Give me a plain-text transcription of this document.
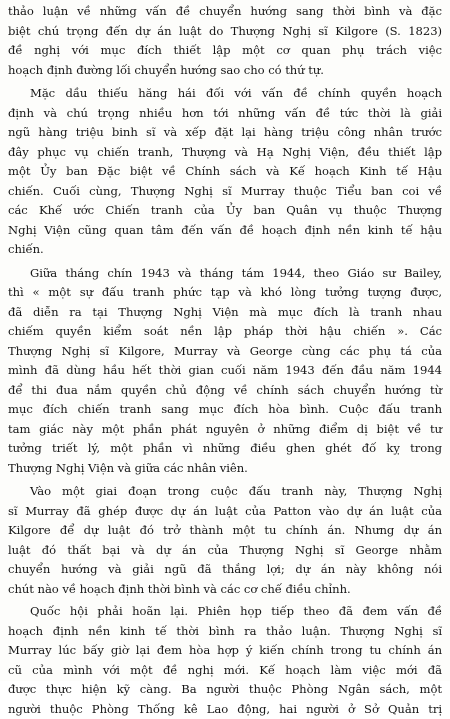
thảo luận về những vấn đề chuyển hướng sang thời bình và đặc
biệt chú trọng đến dự án luật do Thượng Nghị sĩ Kilgore (S. 1823)
đề nghị với mục đích thiết lập một cơ quan phụ trách việc
hoạch định đường lối chuyển hướng sao cho có thứ tự.
Mặc dầu thiếu hăng hái đối với vấn đề chính quyền hoạch
định và chú trọng nhiều hơn tới những vấn đề tức thời là giải
ngũ hàng triệu binh sĩ và xếp đặt lại hàng triệu công nhân trước
đây phục vụ chiến tranh, Thượng và Hạ Nghị Viện, đều thiết lập
một Ủy ban Đặc biệt về Chính sách và Kế hoạch Kinh tế Hậu
chiến. Cuối cùng, Thượng Nghị sĩ Murray thuộc Tiểu ban coi về
các Khế ước Chiến tranh của Ủy ban Quân vụ thuộc Thượng
Nghị Viện cũng quan tâm đến vấn đề hoạch định nền kinh tế hậu
chiến.
Giữa tháng chín 1943 và tháng tám 1944, theo Giáo sư Bailey,
thì « một sự đấu tranh phức tạp và khó lòng tưởng tượng được,
đã diễn ra tại Thượng Nghị Viện mà mục đích là tranh nhau
chiếm quyền kiểm soát nền lập pháp thời hậu chiến ». Các
Thượng Nghị sĩ Kilgore, Murray và George cùng các phụ tá của
mình đã dùng hầu hết thời gian cuối năm 1943 đến đầu năm 1944
để thi đua nắm quyền chủ động về chính sách chuyển hướng từ
mục đích chiến tranh sang mục đích hòa bình. Cuộc đấu tranh
tam giác này một phần phát nguyên ở những điểm dị biệt về tư
tưởng triết lý, một phần vì những điều ghen ghét đố kỵ trong
Thượng Nghị Viện và giữa các nhân viên.
Vào một giai đoạn trong cuộc đấu tranh này, Thượng Nghị
sĩ Murray đã ghép được dự án luật của Patton vào dự án luật của
Kilgore để dự luật đó trở thành một tu chính án. Nhưng dự án
luật đó thất bại và dự án của Thượng Nghị sĩ George nhằm
chuyển hướng và giải ngũ đã thắng lợi; dự án này không nói
chút nào về hoạch định thời bình và các cơ chế điều chỉnh.
Quốc hội phải hoãn lại. Phiên họp tiếp theo đã đem vấn đề
hoạch định nền kinh tế thời bình ra thảo luận. Thượng Nghị sĩ
Murray lúc bấy giờ lại đem hòa hợp ý kiến chính trong tu chính án
cũ của mình với một đề nghị mới. Kế hoạch làm việc mới đã
được thực hiện kỹ càng. Ba người thuộc Phòng Ngân sách, một
người thuộc Phòng Thống kê Lao động, hai người ở Sở Quản trị
